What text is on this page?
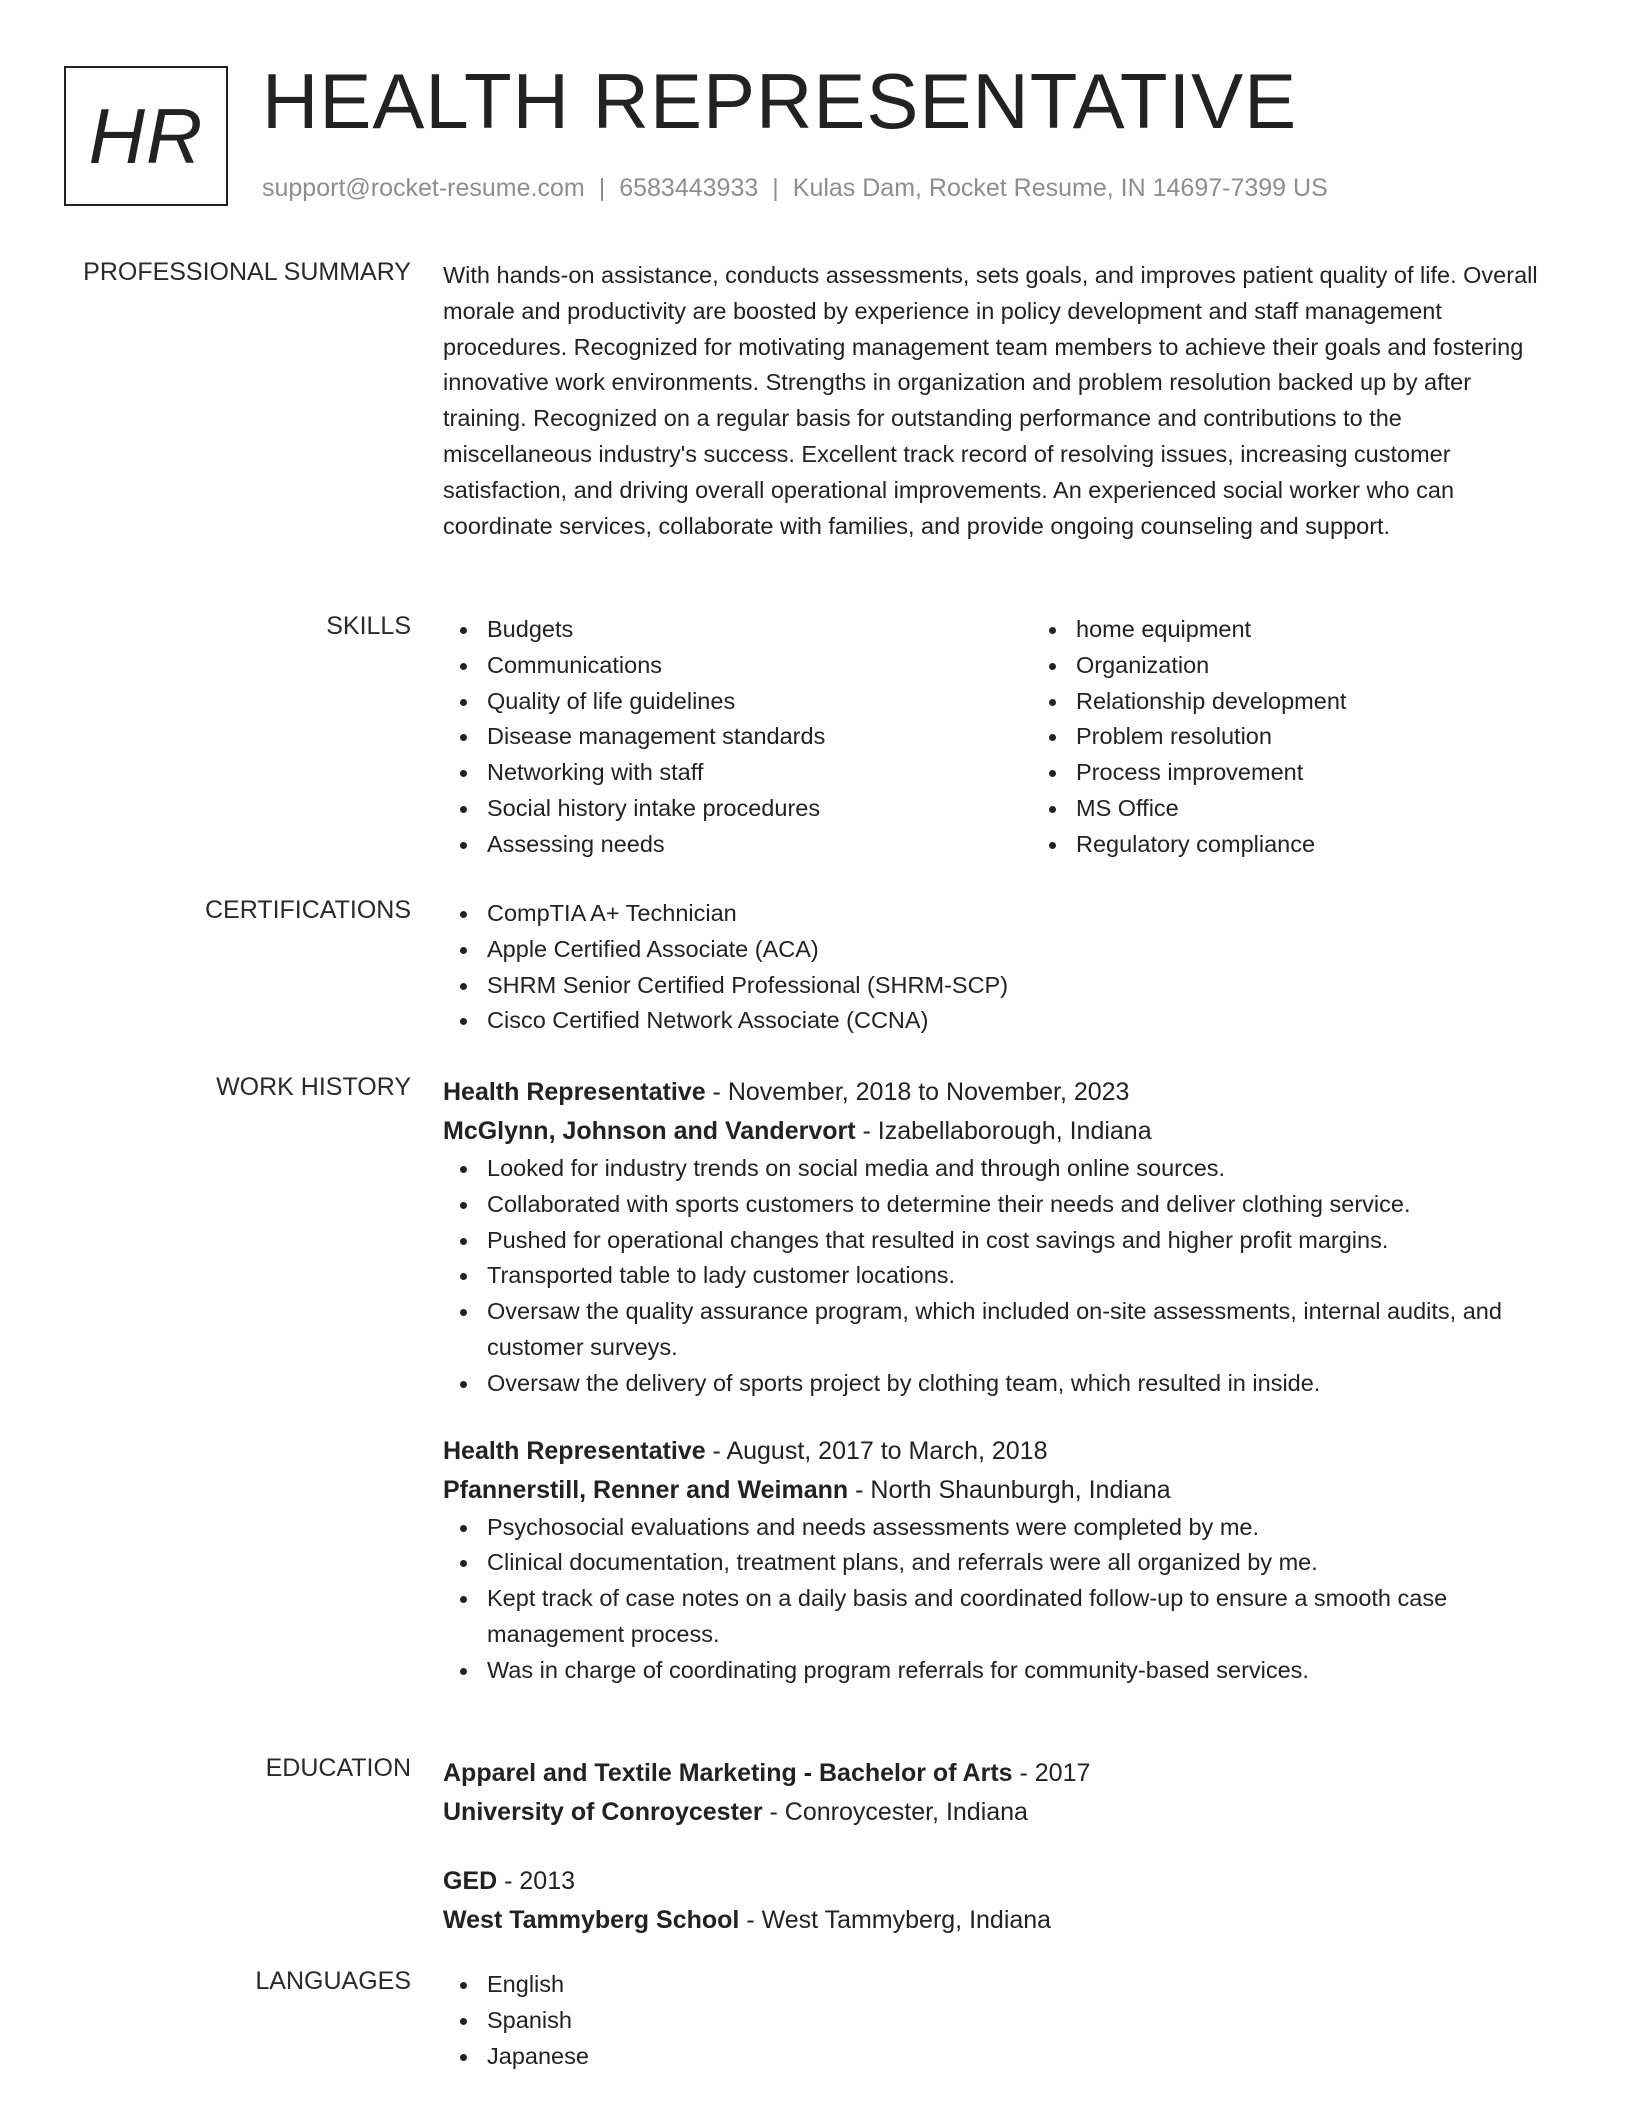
HR HEALTH REPRESENTATIVE
support@rocket-resume.com | 6583443933 | Kulas Dam, Rocket Resume, IN 14697-7399 US
PROFESSIONAL SUMMARY With hands-on assistance, conducts assessments, sets goals, and improves patient quality of life. Overall morale and productivity are boosted by experience in policy development and staff management procedures. Recognized for motivating management team members to achieve their goals and fostering innovative work environments. Strengths in organization and problem resolution backed up by after training. Recognized on a regular basis for outstanding performance and contributions to the miscellaneous industry's success. Excellent track record of resolving issues, increasing customer satisfaction, and driving overall operational improvements. An experienced social worker who can coordinate services, collaborate with families, and provide ongoing counseling and support.

SKILLS	Budgets
Communications
Quality of life guidelines
Disease management standards
Networking with staff
Social history intake procedures
Assessing needs
home equipment
Organization
Relationship development
Problem resolution
Process improvement
MS Office
Regulatory compliance
CERTIFICATIONS	CompTIA A+ Technician
Apple Certified Associate (ACA)
SHRM Senior Certified Professional (SHRM-SCP)
Cisco Certified Network Associate (CCNA)
WORK HISTORY Health Representative - November, 2018 to November, 2023
McGlynn, Johnson and Vandervort - Izabellaborough, Indiana
Looked for industry trends on social media and through online sources.
Collaborated with sports customers to determine their needs and deliver clothing service.
Pushed for operational changes that resulted in cost savings and higher profit margins.
Transported table to lady customer locations.
Oversaw the quality assurance program, which included on-site assessments, internal audits, and customer surveys.
Oversaw the delivery of sports project by clothing team, which resulted in inside.
Health Representative - August, 2017 to March, 2018
Pfannerstill, Renner and Weimann - North Shaunburgh, Indiana
Psychosocial evaluations and needs assessments were completed by me.
Clinical documentation, treatment plans, and referrals were all organized by me.
Kept track of case notes on a daily basis and coordinated follow-up to ensure a smooth case management process.
Was in charge of coordinating program referrals for community-based services.
EDUCATION Apparel and Textile Marketing - Bachelor of Arts - 2017
University of Conroycester - Conroycester, Indiana
GED - 2013
West Tammyberg School - West Tammyberg, Indiana
LANGUAGES	English
Spanish
Japanese
